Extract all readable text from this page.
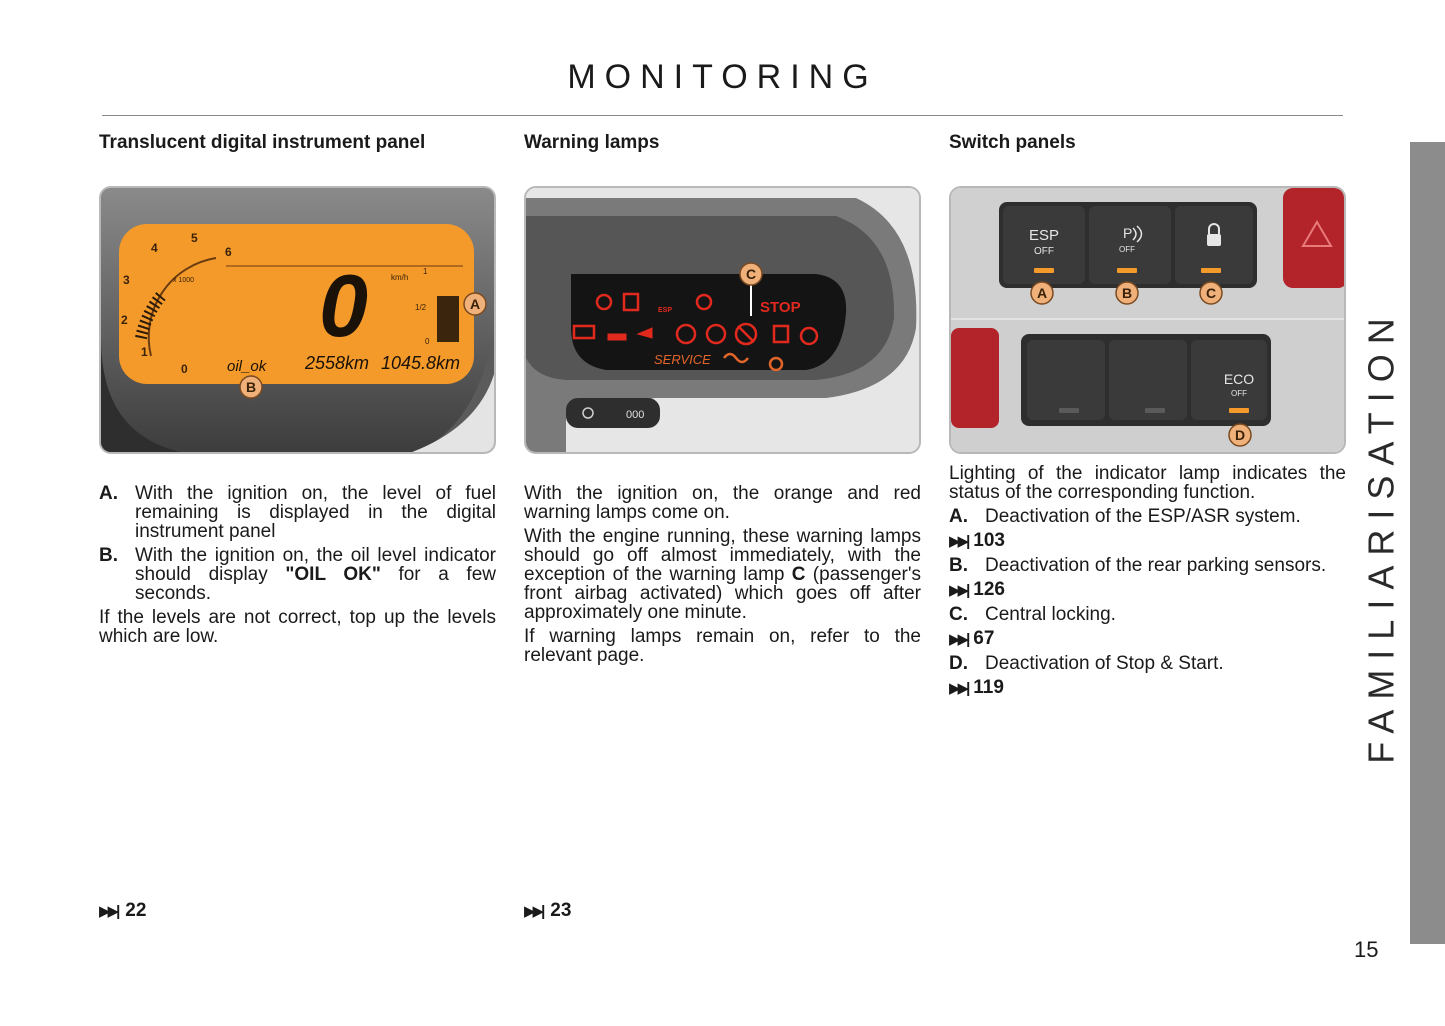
MONITORING
Translucent digital instrument panel
0
1
2
3
4
5
6
x 1000 0	km/h
1
1/2
0
oil_ok 2558km 1045.8km
A
B
A. With the ignition on, the level of fuel remaining is displayed in the digital instrument panel
B. With the ignition on, the oil level indicator should display "OIL OK" for a few seconds.

If the levels are not correct, top up the levels which are low.

▶▶| 22
Warning lamps
ESP	STOP
SERVICE
C
000

With the ignition on, the orange and red warning lamps come on.

With the engine running, these warning lamps should go off almost immediately, with the exception of the warning lamp C (passenger's front airbag activated) which goes off after approximately one minute.

If warning lamps remain on, refer to the relevant page.

▶▶| 23
Switch panels
ESP
OFF
P
OFF
ECO
OFF
A	B	C
D

Lighting of the indicator lamp indicates the status of the corresponding function.

A. Deactivation of the ESP/ASR system.
▶▶| 103
B. Deactivation of the rear parking sensors.
▶▶| 126
C. Central locking.
▶▶| 67
D. Deactivation of Stop & Start.
▶▶| 119	FAMILIARISATION
15
